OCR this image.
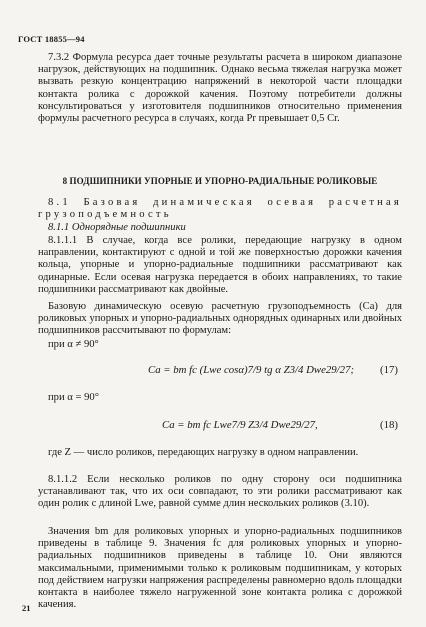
ГОСТ 18855—94
7.3.2 Формула ресурса дает точные результаты расчета в широком диапазоне нагрузок, действующих на подшипник. Однако весьма тяжелая нагрузка может вызвать резкую концентрацию напряжений в некоторой части площадки контакта ролика с дорожкой качения. Поэтому потребители должны консультироваться у изготовителя подшипников относительно применения формулы расчетного ресурса в случаях, когда Pr превышает 0,5 Cr.
8 ПОДШИПНИКИ УПОРНЫЕ И УПОРНО-РАДИАЛЬНЫЕ РОЛИКОВЫЕ
8.1 Базовая динамическая осевая расчетная грузоподъемность
8.1.1 Однорядные подшипники
8.1.1.1 В случае, когда все ролики, передающие нагрузку в одном направлении, контактируют с одной и той же поверхностью дорожки качения кольца, упорные и упорно-радиальные подшипники рассматривают как одинарные. Если осевая нагрузка передается в обоих направлениях, то такие подшипники рассматривают как двойные.
Базовую динамическую осевую расчетную грузоподъемность (Ca) для роликовых упорных и упорно-радиальных однорядных одинарных или двойных подшипников рассчитывают по формулам:
при α ≠ 90°
Ca = bm fc (Lwe cosα)7/9 tg α Z3/4 Dwe29/27; (17)
при α = 90°
Ca = bm fc Lwe7/9 Z3/4 Dwe29/27,	(18)
где Z — число роликов, передающих нагрузку в одном направлении.
8.1.1.2 Если несколько роликов по одну сторону оси подшипника устанавливают так, что их оси совпадают, то эти ролики рассматривают как один ролик с длиной Lwe, равной сумме длин нескольких роликов (3.10).
Значения bm для роликовых упорных и упорно-радиальных подшипников приведены в таблице 9. Значения fc для роликовых упорных и упорно-радиальных подшипников приведены в таблице 10. Они являются максимальными, применимыми только к роликовым подшипникам, у которых под действием нагрузки напряжения распределены равномерно вдоль площадки контакта в наиболее тяжело нагруженной зоне контакта ролика с дорожкой качения.
21
